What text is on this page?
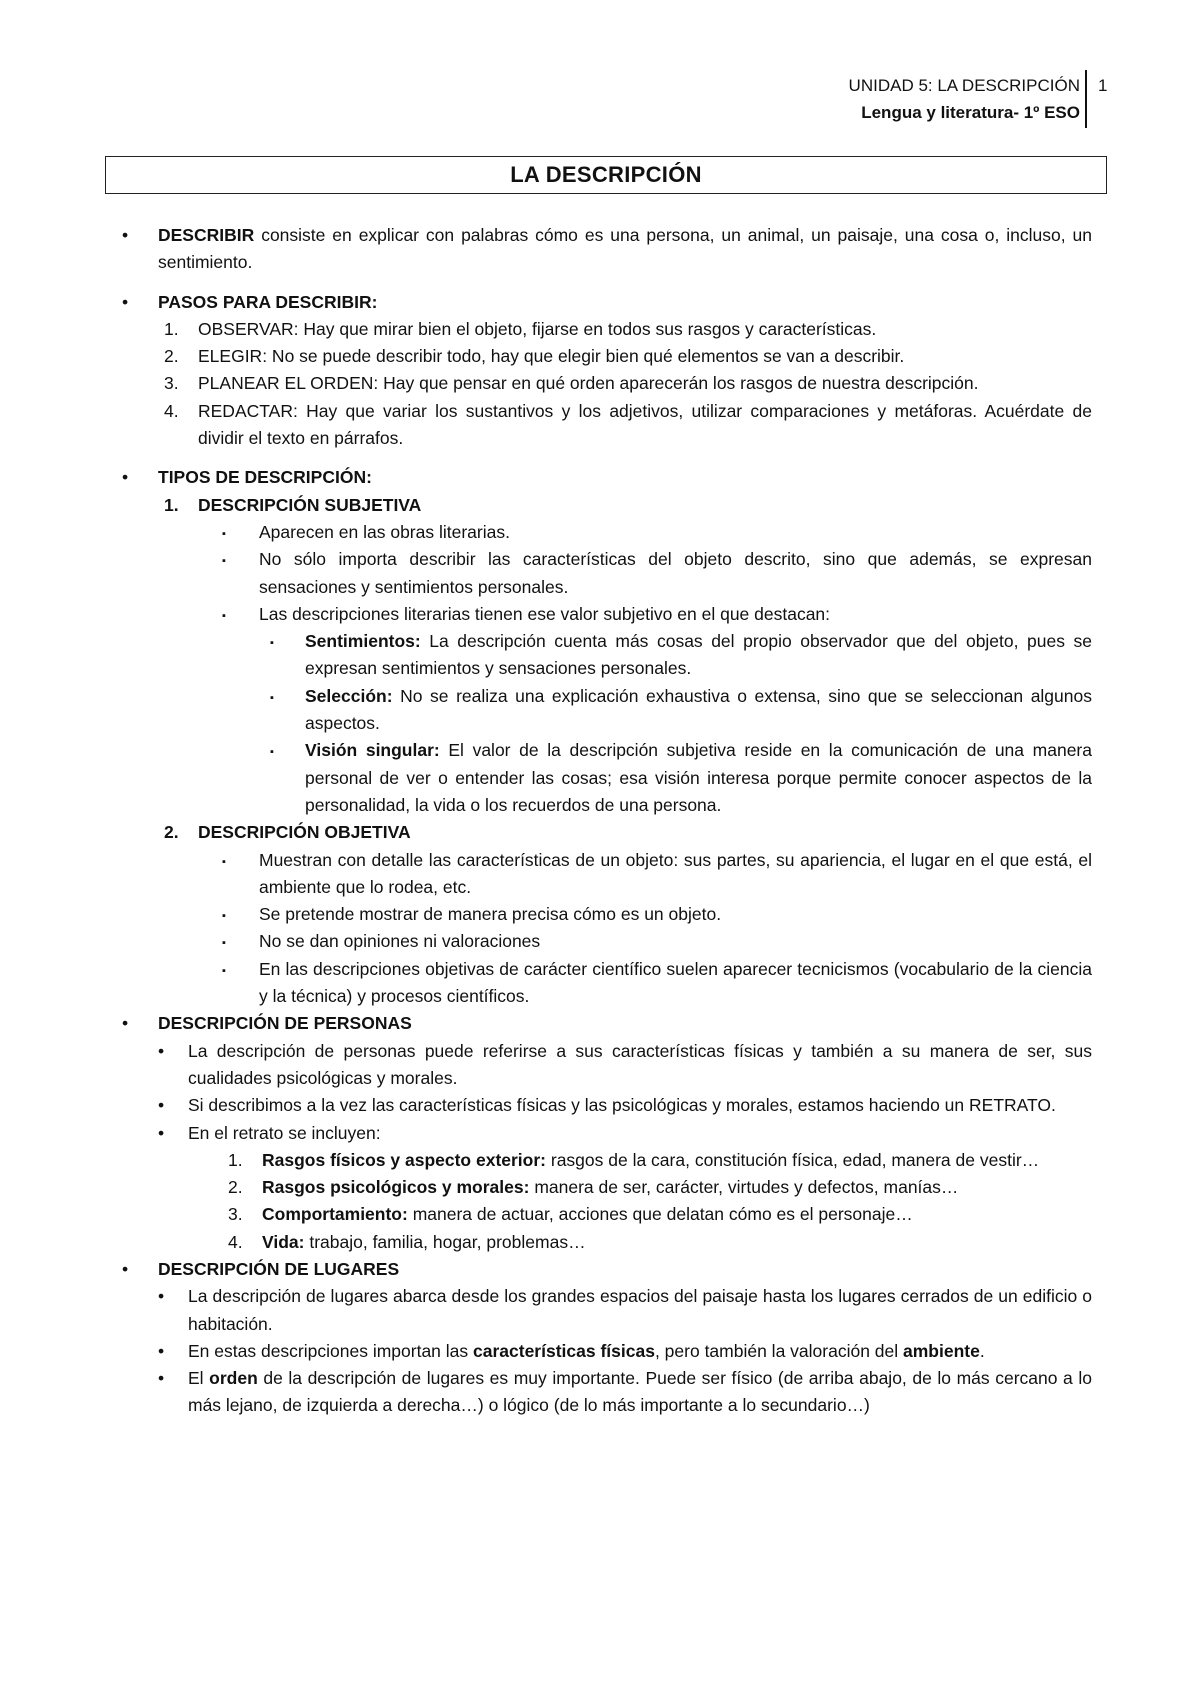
UNIDAD 5: LA DESCRIPCIÓN
Lengua y literatura- 1º ESO
1
LA DESCRIPCIÓN

• DESCRIBIR consiste en explicar con palabras cómo es una persona, un animal, un paisaje, una cosa o, incluso, un sentimiento.

• PASOS PARA DESCRIBIR:

1. OBSERVAR: Hay que mirar bien el objeto, fijarse en todos sus rasgos y características.

2. ELEGIR: No se puede describir todo, hay que elegir bien qué elementos se van a describir.

3. PLANEAR EL ORDEN: Hay que pensar en qué orden aparecerán los rasgos de nuestra descripción.

4. REDACTAR: Hay que variar los sustantivos y los adjetivos, utilizar comparaciones y metáforas. Acuérdate de dividir el texto en párrafos.

• TIPOS DE DESCRIPCIÓN:

1. DESCRIPCIÓN SUBJETIVA

▪ Aparecen en las obras literarias.

▪ No sólo importa describir las características del objeto descrito, sino que además, se expresan sensaciones y sentimientos personales.

▪ Las descripciones literarias tienen ese valor subjetivo en el que destacan:

▪ Sentimientos: La descripción cuenta más cosas del propio observador que del objeto, pues se expresan sentimientos y sensaciones personales.

▪ Selección: No se realiza una explicación exhaustiva o extensa, sino que se seleccionan algunos aspectos.

▪ Visión singular: El valor de la descripción subjetiva reside en la comunicación de una manera personal de ver o entender las cosas; esa visión interesa porque permite conocer aspectos de la personalidad, la vida o los recuerdos de una persona.

2. DESCRIPCIÓN OBJETIVA

▪ Muestran con detalle las características de un objeto: sus partes, su apariencia, el lugar en el que está, el ambiente que lo rodea, etc.

▪ Se pretende mostrar de manera precisa cómo es un objeto.

▪ No se dan opiniones ni valoraciones

▪ En las descripciones objetivas de carácter científico suelen aparecer tecnicismos (vocabulario de la ciencia y la técnica) y procesos científicos.

• DESCRIPCIÓN DE PERSONAS

• La descripción de personas puede referirse a sus características físicas y también a su manera de ser, sus cualidades psicológicas y morales.

• Si describimos a la vez las características físicas y las psicológicas y morales, estamos haciendo un RETRATO.

• En el retrato se incluyen:

1. Rasgos físicos y aspecto exterior: rasgos de la cara, constitución física, edad, manera de vestir…

2. Rasgos psicológicos y morales: manera de ser, carácter, virtudes y defectos, manías…

3. Comportamiento: manera de actuar, acciones que delatan cómo es el personaje…

4. Vida: trabajo, familia, hogar, problemas…

• DESCRIPCIÓN DE LUGARES

• La descripción de lugares abarca desde los grandes espacios del paisaje hasta los lugares cerrados de un edificio o habitación.

• En estas descripciones importan las características físicas, pero también la valoración del ambiente.

• El orden de la descripción de lugares es muy importante. Puede ser físico (de arriba abajo, de lo más cercano a lo más lejano, de izquierda a derecha…) o lógico (de lo más importante a lo secundario…)
